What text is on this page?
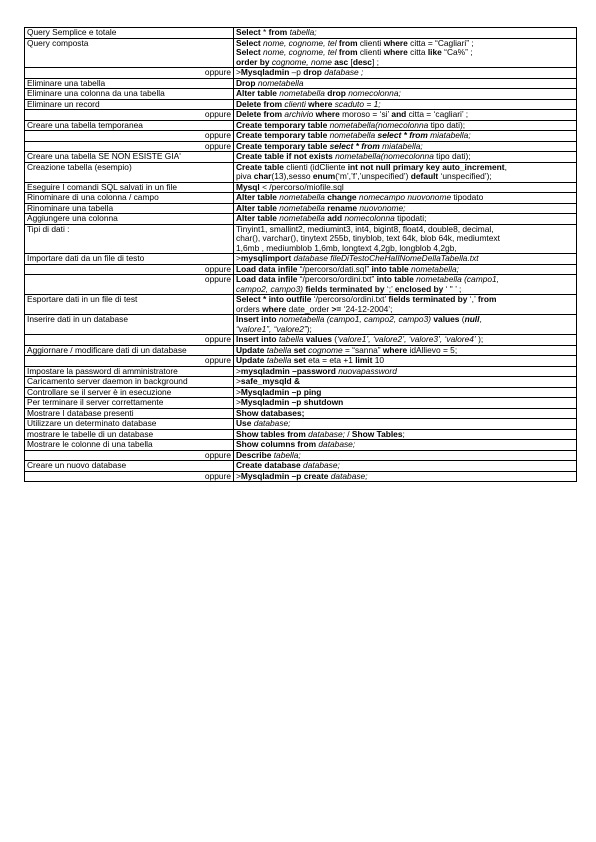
Query Semplice e totale	Select * from tabella;

Query composta	Select nome, cognome, tel from clienti where citta = “Cagliari” ;
Select nome, cognome, tel from clienti where citta like “Ca%” ;
order by cognome, nome asc [desc] ;

oppure	>Mysqladmin –p drop database ;

Eliminare una tabella	Drop nometabella

Eliminare una colonna da una tabella	Alter table nometabella drop nomecolonna;

Eliminare un record	Delete from clienti where scaduto = 1;

oppure	Delete from archivio where moroso = ‘si’ and citta = ‘cagliari’ ;

Creare una tabella temporanea	Create temporary table nometabella(nomecolonna tipo dati);

oppure	Create temporary table nometabella select * from miatabella;

oppure	Create temporary table select * from miatabella;

Creare una tabella SE NON ESISTE GIA'	Create table if not exists nometabella(nomecolonna tipo dati);

Creazione tabella (esempio)	Create table clienti (idCliente int not null primary key auto_increment,
piva char(13),sesso enum(‘m’,’f’,’unspecified’) default ‘unspecified’);

Eseguire I comandi SQL salvati in un file	Mysql < /percorso/miofile.sql

Rinominare di una colonna / campo	Alter table nometabella change nomecampo nuovonome tipodato

Rinominare una tabella	Alter table nometabella rename nuovonome;

Aggiungere una colonna	Alter table nometabella add nomecolonna tipodati;

Tipi di dati :	Tinyint1, smallint2, mediumint3, int4, bigint8, float4, double8, decimal,
char(), varchar(), tinytext 255b, tinyblob, text 64k, blob 64k, mediumtext
1,6mb , mediumblob 1,6mb, longtext 4,2gb, longblob 4,2gb,

Importare dati da un file di testo	>mysqlimport database fileDiTestoCheHaIlNomeDellaTabella.txt

oppure	Load data infile “/percorso/dati.sql” into table nometabella;

oppure	Load data infile “/percorso/ordini.txt” into table nometabella (campo1,
campo2, campo3) fields terminated by ‘;’ enclosed by ‘ " ’ ;

Esportare dati in un file di test	Select * into outfile ‘/percorso/ordini.txt’ fields terminated by ‘,’ from
orders where date_order >= ‘24-12-2004’;

Inserire dati in un database	Insert into nometabella (campo1, campo2, campo3) values (null,
“valore1”, “valore2”);

oppure	Insert into tabella values (‘valore1’, ‘valore2’, ‘valore3’, ‘valore4’ );

Aggiornare / modificare dati di un database	Update tabella set cognome = “sanna” where idAllievo = 5;

oppure	Update tabella set eta = eta +1 limit 10

Impostare la password di amministratore	>mysqladmin –password nuovapassword

Caricamento server daemon in background	>safe_mysqld &

Controllare se il server è in esecuzione	>Mysqladmin –p ping

Per terminare il server correttamente	>Mysqladmin –p shutdown

Mostrare I database presenti	Show databases;

Utilizzare un determinato database	Use database;

mostrare le tabelle di un database	Show tables from database; / Show Tables;

Mostrare le colonne di una tabella	Show columns from database;

oppure	Describe tabella;

Creare un nuovo database	Create database database;

oppure	>Mysqladmin –p create database;
